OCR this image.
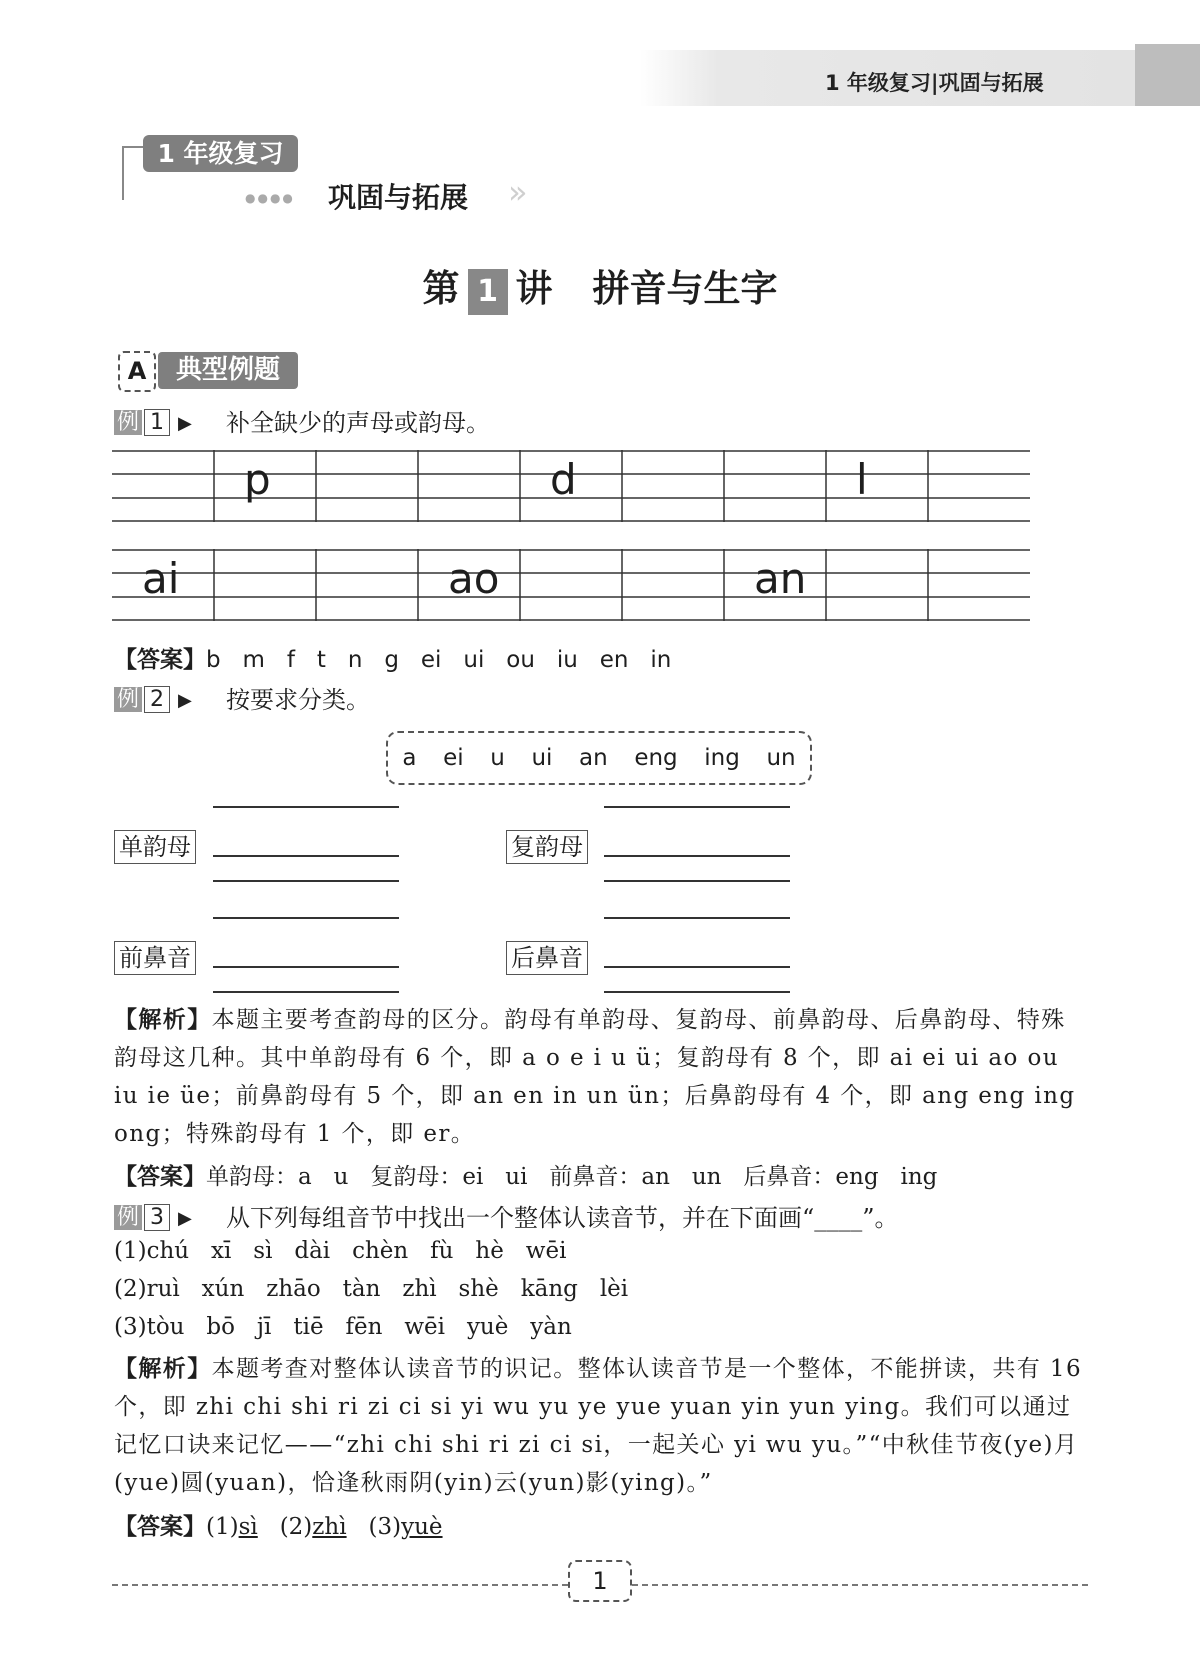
1 年级复习|巩固与拓展
1 年级复习
●●●● 巩固与拓展 »
第 1 讲 拼音与生字
A	典型例题
例 1 ▶ 补全缺少的声母或韵母。
p	d	l
ai	ao	an
【答案】b   m   f   t   n   g   ei   ui   ou   iu   en   in
例 2 ▶ 按要求分类。
a  ei  u  ui  an  eng  ing  un
单韵母	复韵母
前鼻音	后鼻音
【解析】本题主要考查韵母的区分。韵母有单韵母、复韵母、前鼻韵母、后鼻韵母、特殊韵母这几种。其中单韵母有 6 个，即 a o e i u ü；复韵母有 8 个，即 ai ei ui ao ou iu ie üe；前鼻韵母有 5 个，即 an en in un ün；后鼻韵母有 4 个，即 ang eng ing ong；特殊韵母有 1 个，即 er。
【答案】单韵母：a   u   复韵母：ei   ui   前鼻音：an   un   后鼻音：eng   ing
例 3 ▶ 从下列每组音节中找出一个整体认读音节，并在下面画“____”。
(1)chú   xī   sì   dài   chèn   fù   hè   wēi
(2)ruì   xún   zhāo   tàn   zhì   shè   kāng   lèi
(3)tòu   bō   jī   tiē   fēn   wēi   yuè   yàn
【解析】本题考查对整体认读音节的识记。整体认读音节是一个整体，不能拼读，共有 16 个，即 zhi chi shi ri zi ci si yi wu yu ye yue yuan yin yun ying。我们可以通过记忆口诀来记忆——“zhi chi shi ri zi ci si，一起关心 yi wu yu。”“中秋佳节夜(ye)月(yue)圆(yuan)，恰逢秋雨阴(yin)云(yun)影(ying)。”
【答案】(1)sì (2)zhì (3)yuè
1
